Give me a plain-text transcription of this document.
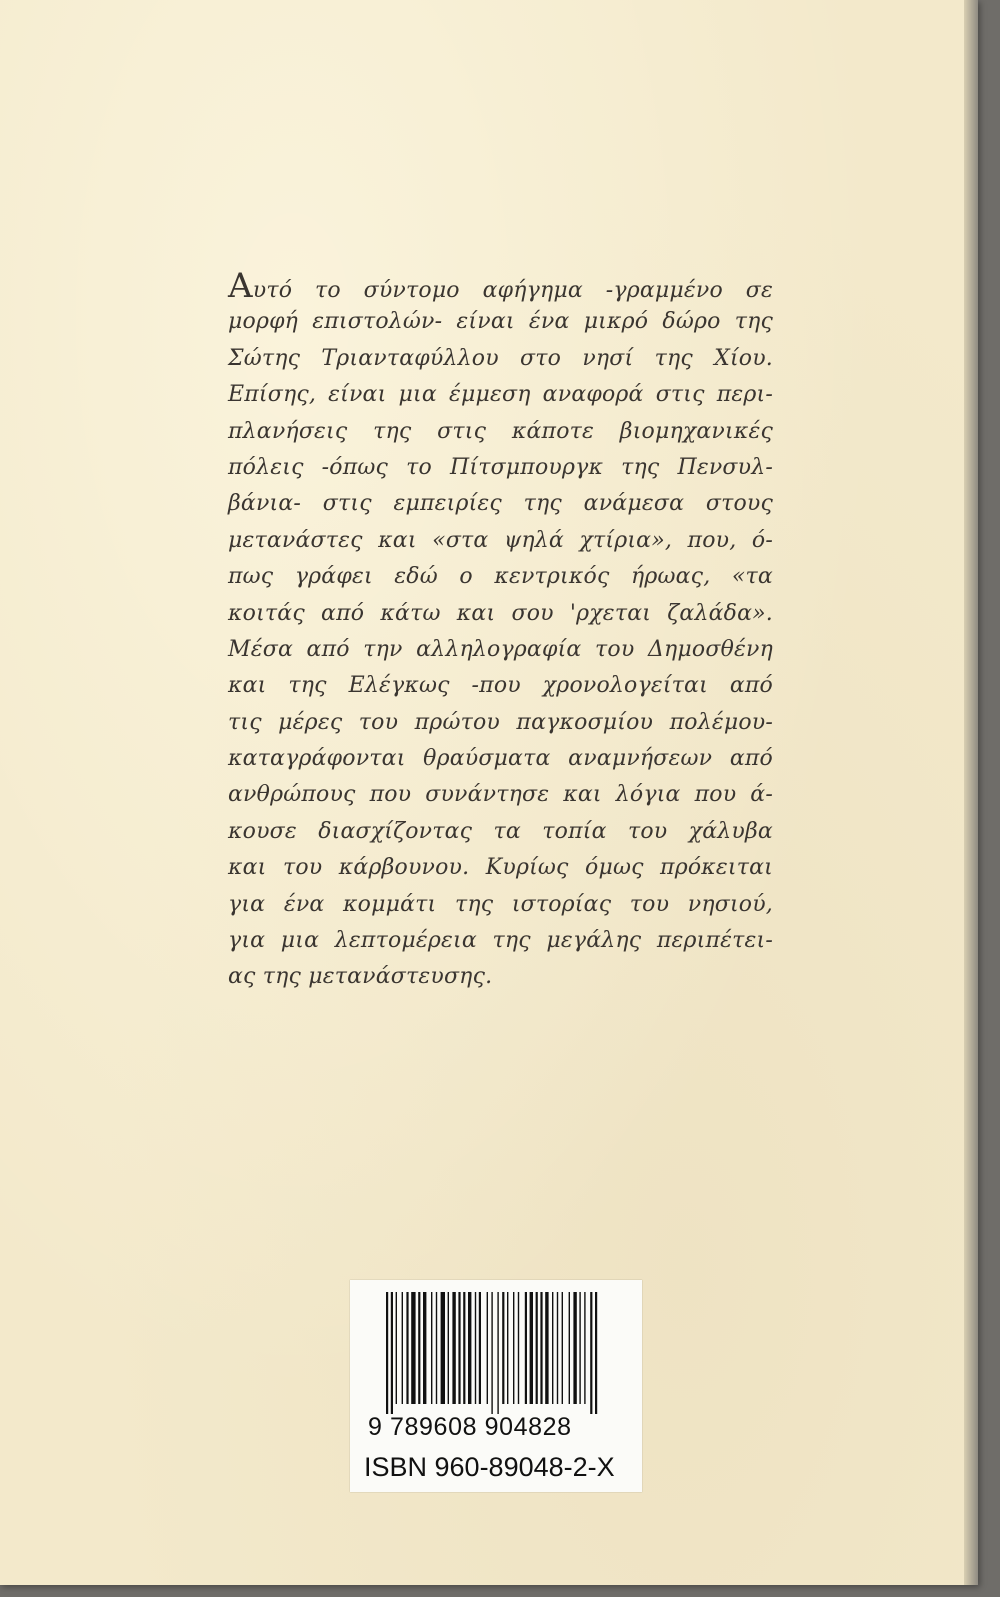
Αυτό το σύντομο αφήγημα -γραμμένο σε
μορφή επιστολών- είναι ένα μικρό δώρο της
Σώτης Τριανταφύλλου στο νησί της Χίου.
Επίσης, είναι μια έμμεση αναφορά στις περι-
πλανήσεις της στις κάποτε βιομηχανικές
πόλεις -όπως το Πίτσμπουργκ της Πενσυλ-
βάνια- στις εμπειρίες της ανάμεσα στους
μετανάστες και «στα ψηλά χτίρια», που, ό-
πως γράφει εδώ ο κεντρικός ήρωας, «τα
κοιτάς από κάτω και σου 'ρχεται ζαλάδα».
Μέσα από την αλληλογραφία του Δημοσθένη
και της Ελέγκως -που χρονολογείται από
τις μέρες του πρώτου παγκοσμίου πολέμου-
καταγράφονται θραύσματα αναμνήσεων από
ανθρώπους που συνάντησε και λόγια που ά-
κουσε διασχίζοντας τα τοπία του χάλυβα
και του κάρβουνου. Κυρίως όμως πρόκειται
για ένα κομμάτι της ιστορίας του νησιού,
για μια λεπτομέρεια της μεγάλης περιπέτει-
ας της μετανάστευσης.
9 789608 904828
ISBN 960-89048-2-X
